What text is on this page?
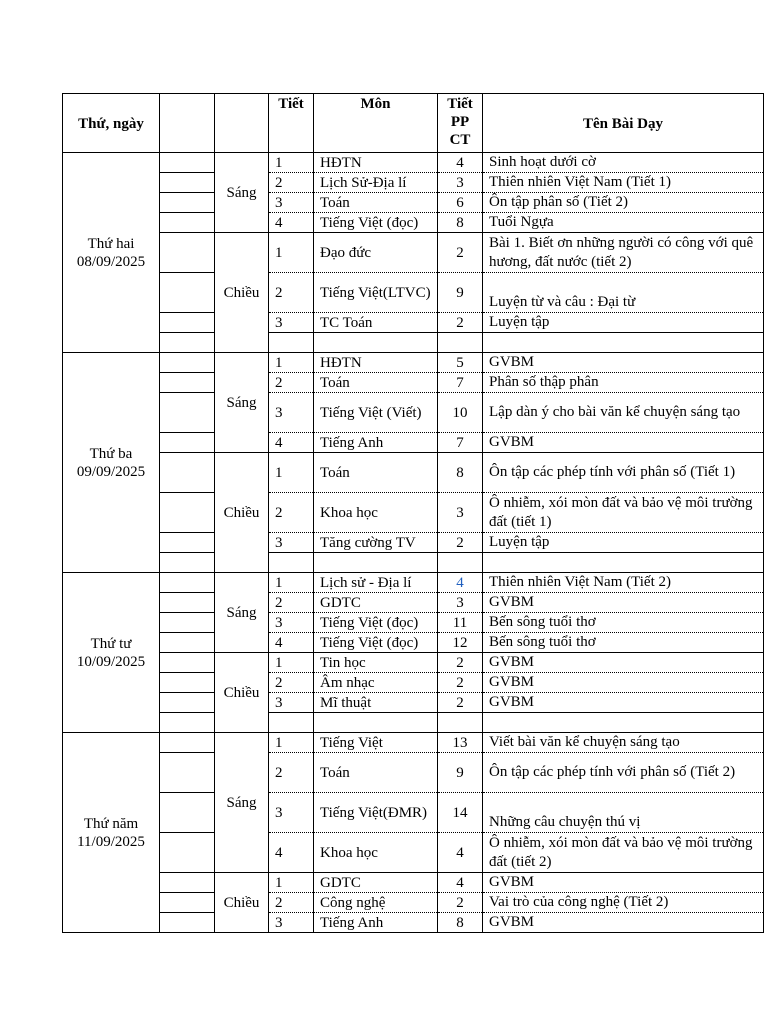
Thứ, ngày			Tiết	Môn	Tiết PP CT	Tên Bài Dạy

Thứ hai
08/09/2025		Sáng	1	HĐTN	4	Sinh hoạt dưới cờ
			2	Lịch Sử-Địa lí	3	Thiên nhiên Việt Nam (Tiết 1)
			3	Toán	6	Ôn tập phân số (Tiết 2)
			4	Tiếng Việt (đọc)	8	Tuổi Ngựa
		Chiều	1	Đạo đức	2	Bài 1. Biết ơn những người có công với quê hương, đất nước (tiết 2)
			2	Tiếng Việt(LTVC)	9	Luyện từ và câu : Đại từ
			3	TC Toán	2	Luyện tập

Thứ ba
09/09/2025		Sáng	1	HĐTN	5	GVBM
			2	Toán	7	Phân số thập phân
			3	Tiếng Việt (Viết)	10	Lập dàn ý cho bài văn kể chuyện sáng tạo
			4	Tiếng Anh	7	GVBM
		Chiều	1	Toán	8	Ôn tập các phép tính với phân số (Tiết 1)
			2	Khoa học	3	Ô nhiễm, xói mòn đất và bảo vệ môi trường đất (tiết 1)
			3	Tăng cường TV	2	Luyện tập

Thứ tư
10/09/2025		Sáng	1	Lịch sử - Địa lí	4	Thiên nhiên Việt Nam (Tiết 2)
			2	GDTC	3	GVBM
			3	Tiếng Việt (đọc)	11	Bến sông tuổi thơ
			4	Tiếng Việt (đọc)	12	Bến sông tuổi thơ
		Chiều	1	Tin học	2	GVBM
			2	Âm nhạc	2	GVBM
			3	Mĩ thuật	2	GVBM

Thứ năm
11/09/2025		Sáng	1	Tiếng Việt	13	Viết bài văn kể chuyện sáng tạo
			2	Toán	9	Ôn tập các phép tính với phân số (Tiết 2)
			3	Tiếng Việt(ĐMR)	14	Những câu chuyện thú vị
			4	Khoa học	4	Ô nhiễm, xói mòn đất và bảo vệ môi trường đất (tiết 2)
		Chiều	1	GDTC	4	GVBM
			2	Công nghệ	2	Vai trò của công nghệ (Tiết 2)
			3	Tiếng Anh	8	GVBM
